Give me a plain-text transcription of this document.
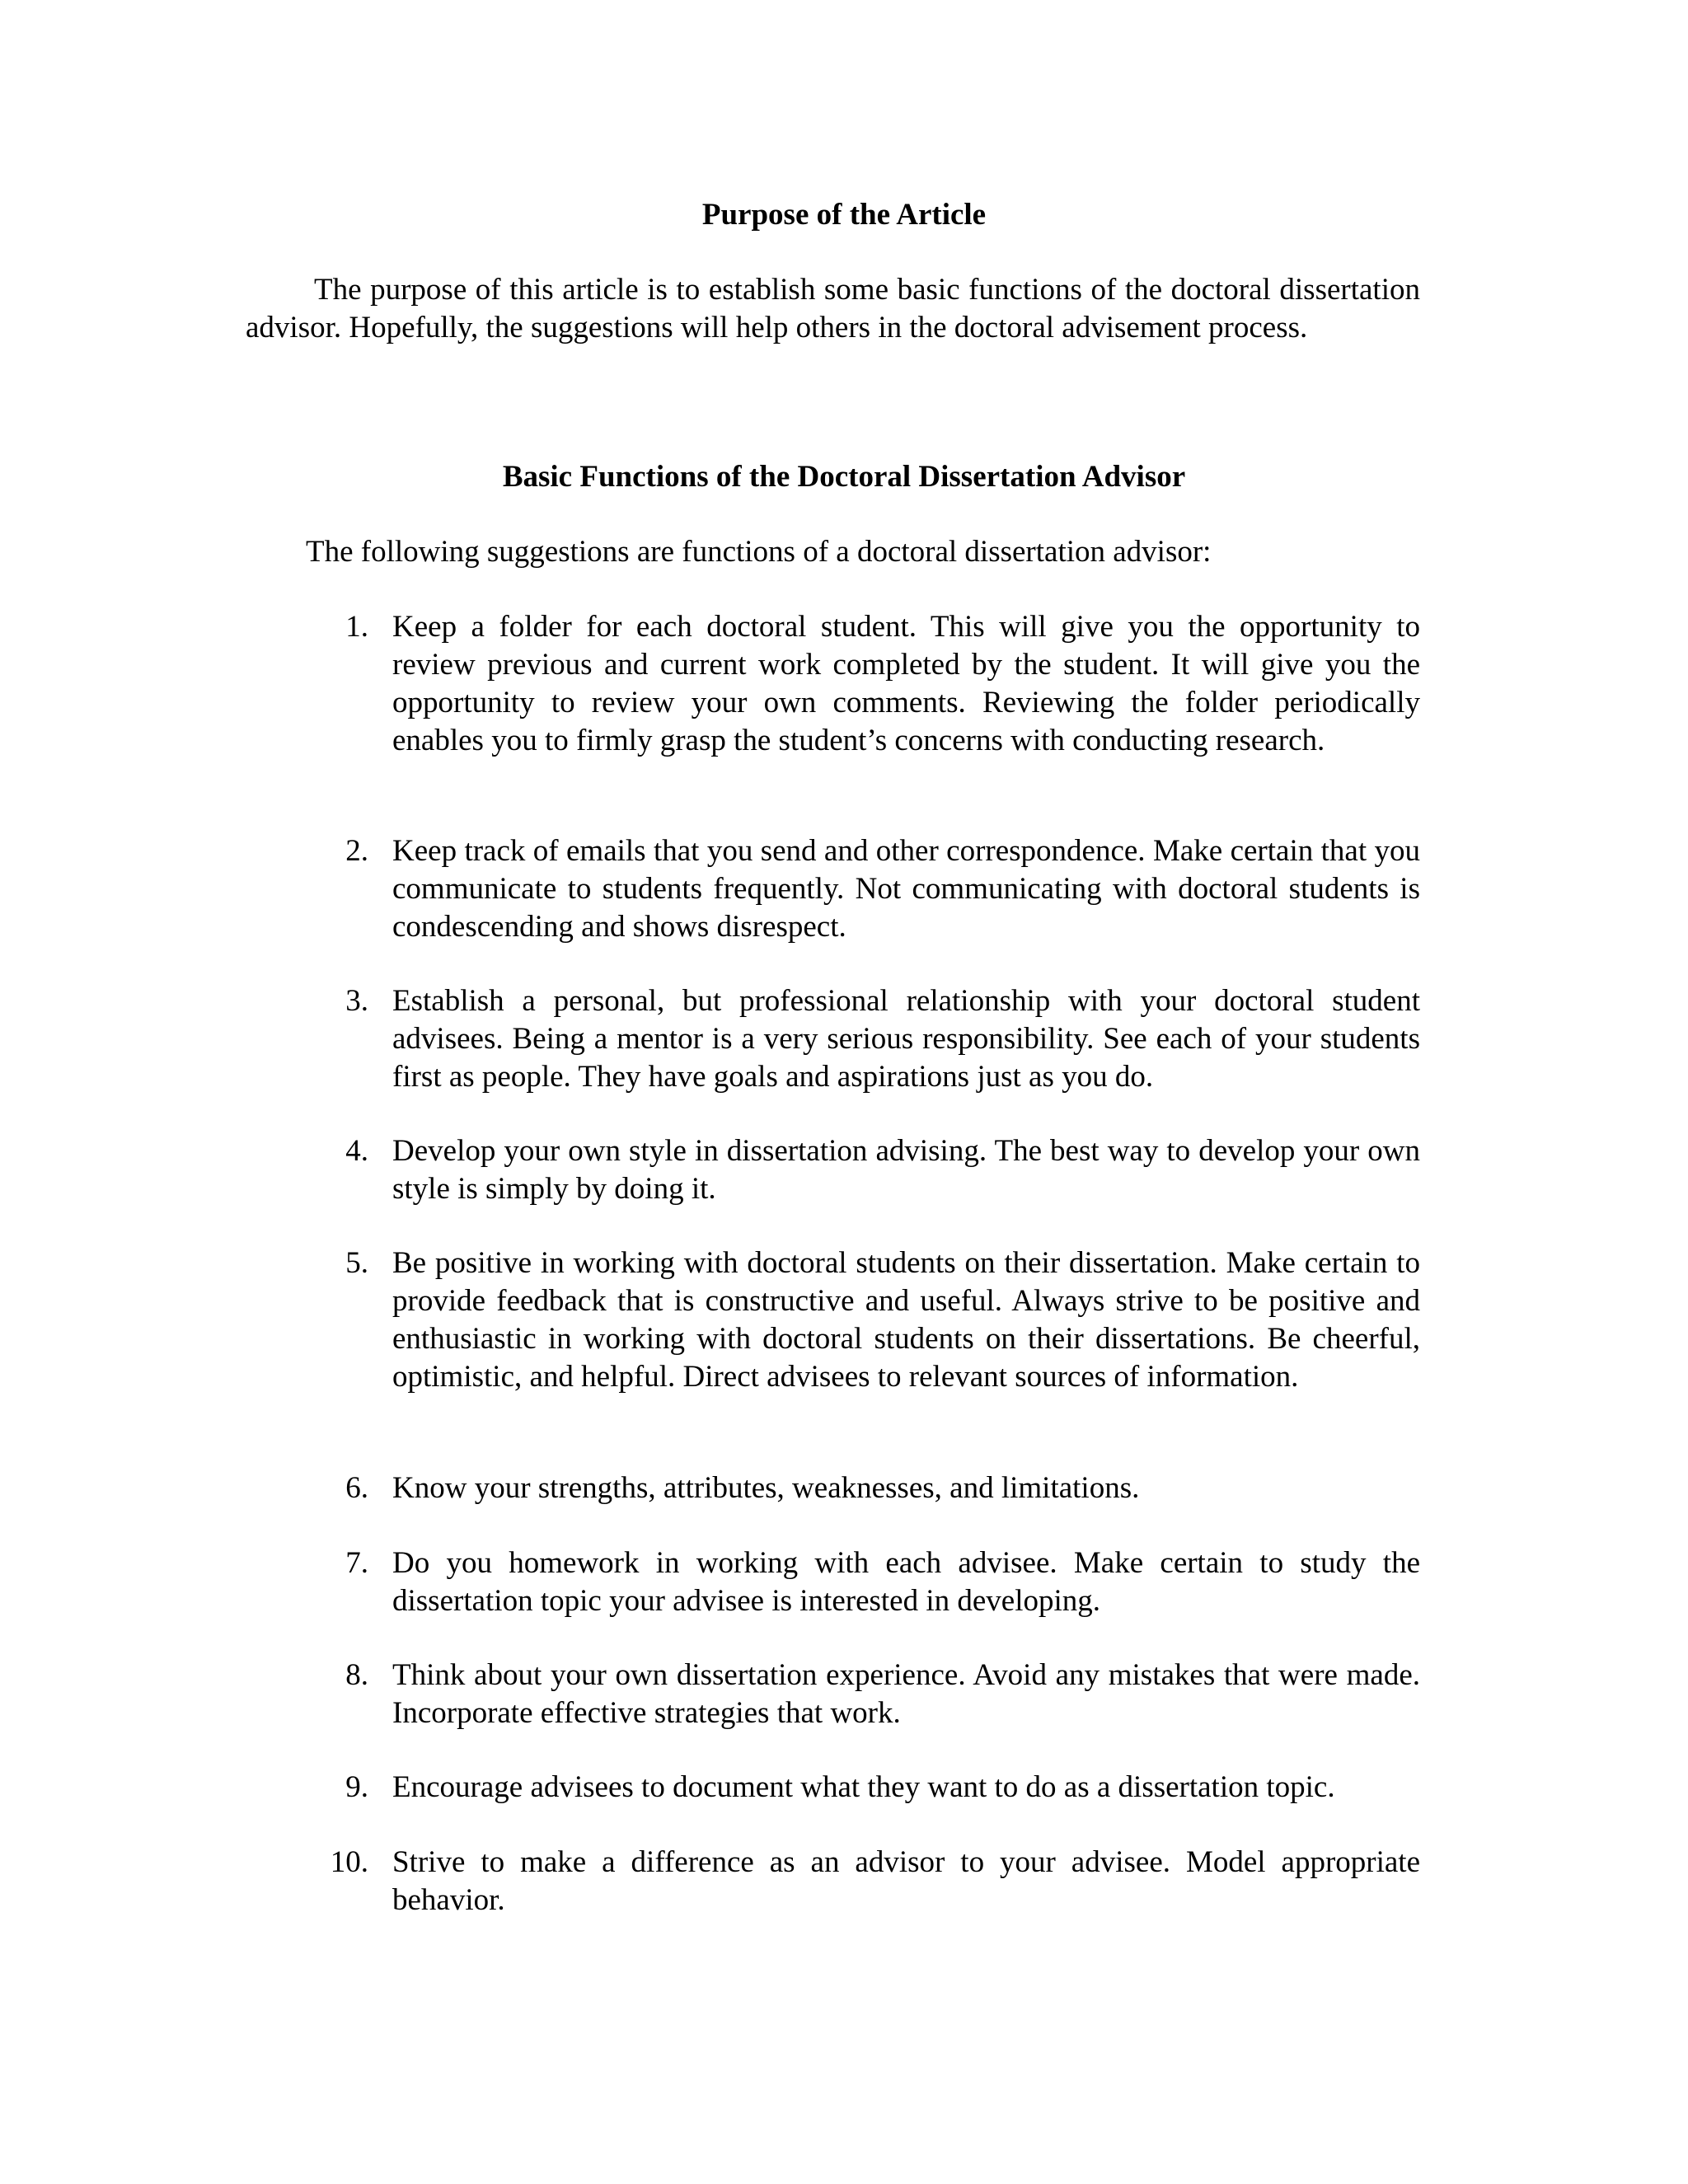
Purpose of the Article

The purpose of this article is to establish some basic functions of the doctoral dissertation advisor. Hopefully, the suggestions will help others in the doctoral advisement process.

Basic Functions of the Doctoral Dissertation Advisor

The following suggestions are functions of a doctoral dissertation advisor:

1. Keep a folder for each doctoral student. This will give you the opportunity to review previous and current work completed by the student. It will give you the opportunity to review your own comments. Reviewing the folder periodically enables you to firmly grasp the student’s concerns with conducting research.
2. Keep track of emails that you send and other correspondence. Make certain that you communicate to students frequently. Not communicating with doctoral students is condescending and shows disrespect.
3. Establish a personal, but professional relationship with your doctoral student advisees. Being a mentor is a very serious responsibility. See each of your students first as people. They have goals and aspirations just as you do.
4. Develop your own style in dissertation advising. The best way to develop your own style is simply by doing it.
5. Be positive in working with doctoral students on their dissertation. Make certain to provide feedback that is constructive and useful. Always strive to be positive and enthusiastic in working with doctoral students on their dissertations. Be cheerful, optimistic, and helpful. Direct advisees to relevant sources of information.
6. Know your strengths, attributes, weaknesses, and limitations.
7. Do you homework in working with each advisee. Make certain to study the dissertation topic your advisee is interested in developing.
8. Think about your own dissertation experience. Avoid any mistakes that were made. Incorporate effective strategies that work.
9. Encourage advisees to document what they want to do as a dissertation topic.
10. Strive to make a difference as an advisor to your advisee. Model appropriate behavior.
